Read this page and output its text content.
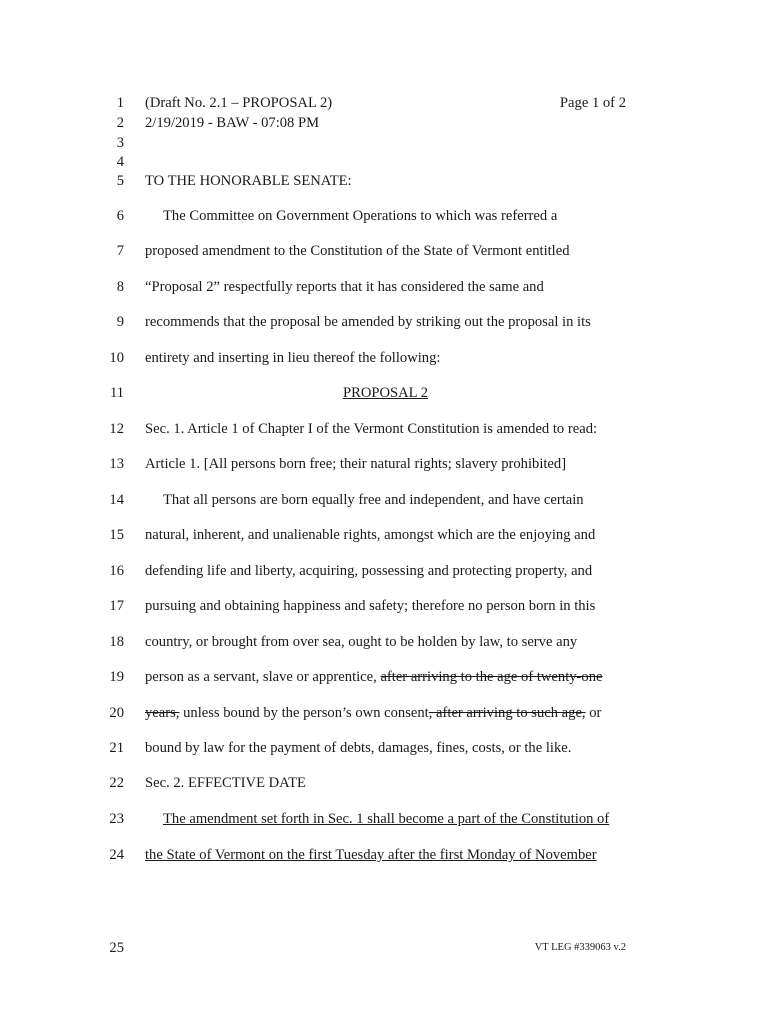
1 (Draft No. 2.1 – PROPOSAL 2)	Page 1 of 2
2 2/19/2019 - BAW - 07:08 PM
3
4
5 TO THE HONORABLE SENATE:
6	The Committee on Government Operations to which was referred a
7 proposed amendment to the Constitution of the State of Vermont entitled
8 “Proposal 2” respectfully reports that it has considered the same and
9 recommends that the proposal be amended by striking out the proposal in its
10 entirety and inserting in lieu thereof the following:
11	PROPOSAL 2
12 Sec. 1. Article 1 of Chapter I of the Vermont Constitution is amended to read:
13 Article 1. [All persons born free; their natural rights; slavery prohibited]
14	That all persons are born equally free and independent, and have certain
15 natural, inherent, and unalienable rights, amongst which are the enjoying and
16 defending life and liberty, acquiring, possessing and protecting property, and
17 pursuing and obtaining happiness and safety; therefore no person born in this
18 country, or brought from over sea, ought to be holden by law, to serve any
19 person as a servant, slave or apprentice, after arriving to the age of twenty-one
20 years, unless bound by the person’s own consent, after arriving to such age, or
21 bound by law for the payment of debts, damages, fines, costs, or the like.
22 Sec. 2. EFFECTIVE DATE
23	The amendment set forth in Sec. 1 shall become a part of the Constitution of
24 the State of Vermont on the first Tuesday after the first Monday of November
25	VT LEG #339063 v.2
